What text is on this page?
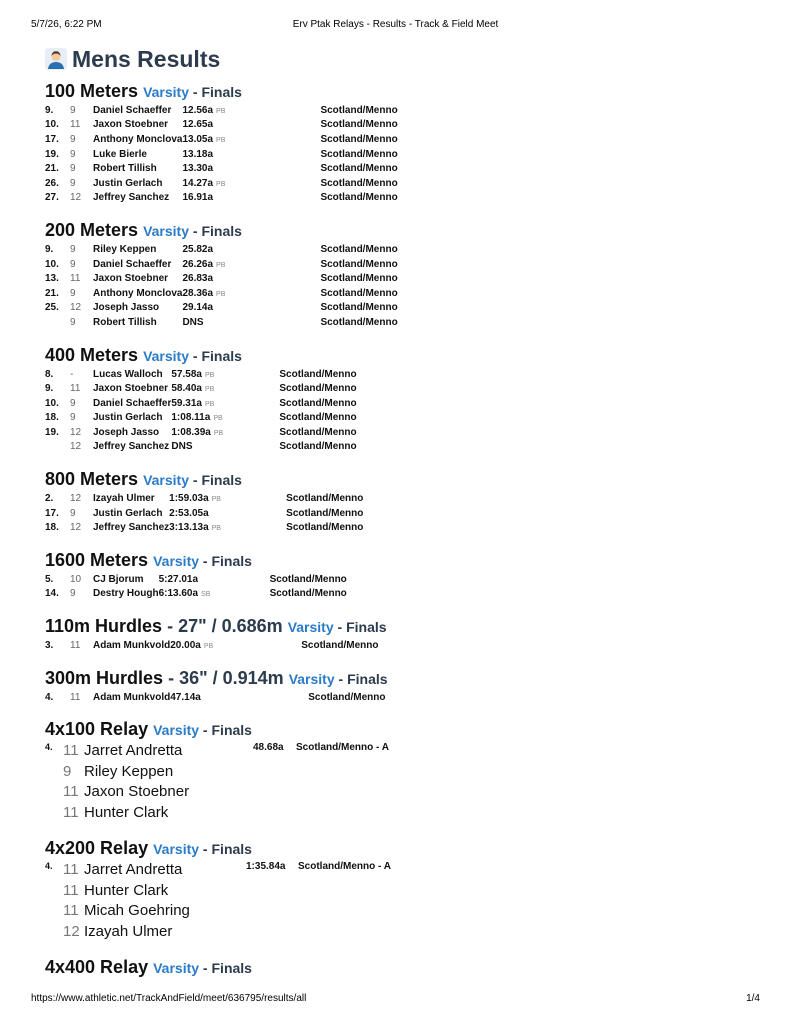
5/7/26, 6:22 PM	Erv Ptak Relays - Results - Track & Field Meet
Mens Results
100 Meters Varsity - Finals
9.	9	Daniel Schaeffer	12.56a PB	Scotland/Menno
10.	11	Jaxon Stoebner	12.65a	Scotland/Menno
17.	9	Anthony Monclova	13.05a PB	Scotland/Menno
19.	9	Luke Bierle	13.18a	Scotland/Menno
21.	9	Robert Tillish	13.30a	Scotland/Menno
26.	9	Justin Gerlach	14.27a PB	Scotland/Menno
27.	12	Jeffrey Sanchez	16.91a	Scotland/Menno
200 Meters Varsity - Finals
9.	9	Riley Keppen	25.82a	Scotland/Menno
10.	9	Daniel Schaeffer	26.26a PB	Scotland/Menno
13.	11	Jaxon Stoebner	26.83a	Scotland/Menno
21.	9	Anthony Monclova	28.36a PB	Scotland/Menno
25.	12	Joseph Jasso	29.14a	Scotland/Menno
	9	Robert Tillish	DNS	Scotland/Menno
400 Meters Varsity - Finals
8.	-	Lucas Walloch	57.58a PB	Scotland/Menno
9.	11	Jaxon Stoebner	58.40a PB	Scotland/Menno
10.	9	Daniel Schaeffer	59.31a PB	Scotland/Menno
18.	9	Justin Gerlach	1:08.11a PB	Scotland/Menno
19.	12	Joseph Jasso	1:08.39a PB	Scotland/Menno
	12	Jeffrey Sanchez	DNS	Scotland/Menno
800 Meters Varsity - Finals
2.	12	Izayah Ulmer	1:59.03a PB	Scotland/Menno
17.	9	Justin Gerlach	2:53.05a	Scotland/Menno
18.	12	Jeffrey Sanchez	3:13.13a PB	Scotland/Menno
1600 Meters Varsity - Finals
5.	10	CJ Bjorum	5:27.01a	Scotland/Menno
14.	9	Destry Hough	6:13.60a SB	Scotland/Menno
110m Hurdles - 27" / 0.686m Varsity - Finals
3.	11	Adam Munkvold	20.00a PB	Scotland/Menno
300m Hurdles - 36" / 0.914m Varsity - Finals
4.	11	Adam Munkvold	47.14a	Scotland/Menno
4x100 Relay Varsity - Finals
4. 11 Jarret Andretta
9 Riley Keppen
11 Jaxon Stoebner
11 Hunter Clark
48.68a Scotland/Menno - A
4x200 Relay Varsity - Finals
4. 11 Jarret Andretta
11 Hunter Clark
11 Micah Goehring
12 Izayah Ulmer
1:35.84a Scotland/Menno - A
4x400 Relay Varsity - Finals
https://www.athletic.net/TrackAndField/meet/636795/results/all	1/4
